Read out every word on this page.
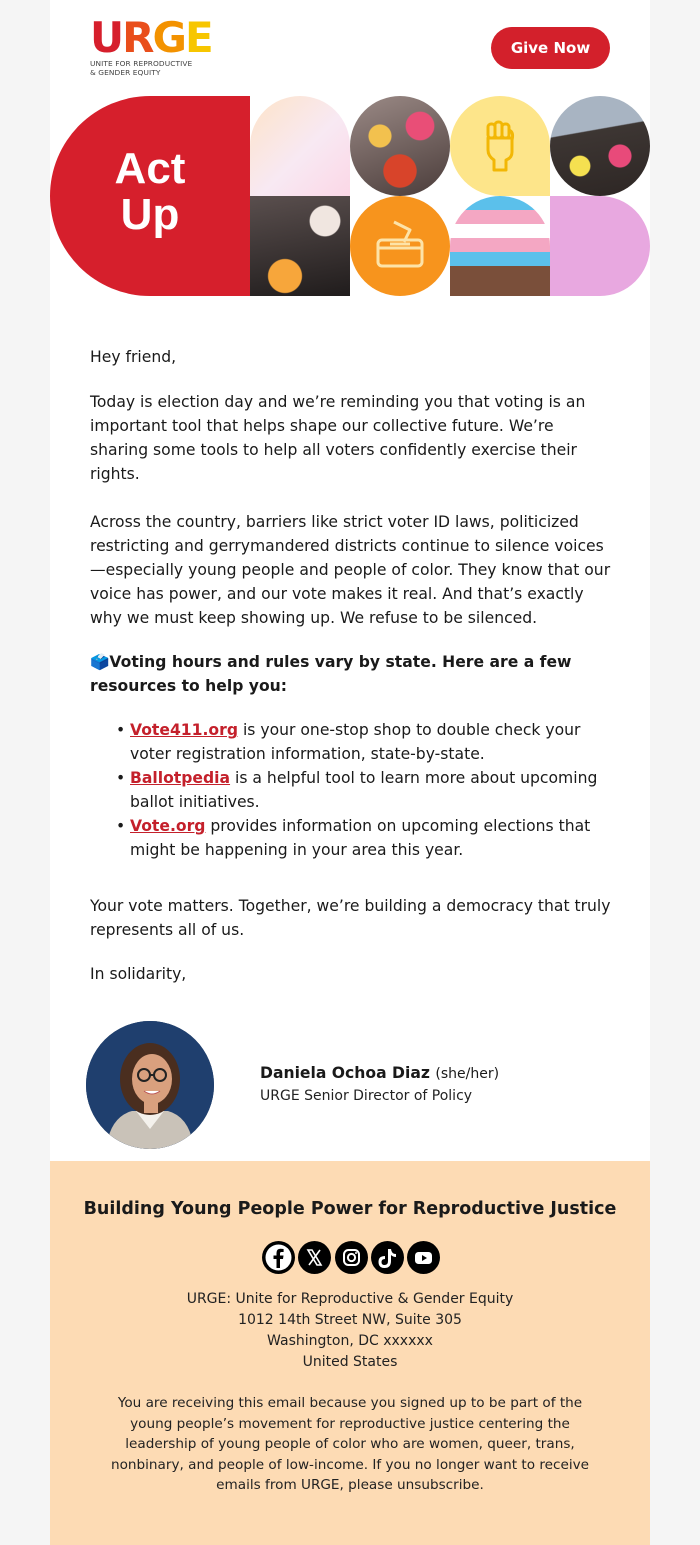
U R G E
UNITE FOR REPRODUCTIVE
& GENDER EQUITY
Give Now
Act
Up

Hey friend,

Today is election day and we’re reminding you that voting is an important tool that helps shape our collective future. We’re sharing some tools to help all voters confidently exercise their rights.

Across the country, barriers like strict voter ID laws, politicized restricting and gerrymandered districts continue to silence voices—especially young people and people of color. They know that our voice has power, and our vote makes it real. And that’s exactly why we must keep showing up. We refuse to be silenced.

🗳️Voting hours and rules vary by state. Here are a few resources to help you:
• Vote411.org is your one-stop shop to double check your voter registration information, state-by-state.
• Ballotpedia is a helpful tool to learn more about upcoming ballot initiatives.
• Vote.org provides information on upcoming elections that might be happening in your area this year.

Your vote matters. Together, we’re building a democracy that truly represents all of us.

In solidarity,

Daniela Ochoa Diaz (she/her)
URGE Senior Director of Policy
Building Young People Power for Reproductive Justice
URGE: Unite for Reproductive & Gender Equity
1012 14th Street NW, Suite 305
Washington, DC xxxxxx
United States
You are receiving this email because you signed up to be part of the young people’s movement for reproductive justice centering the leadership of young people of color who are women, queer, trans, nonbinary, and people of low-income. If you no longer want to receive emails from URGE, please unsubscribe.
